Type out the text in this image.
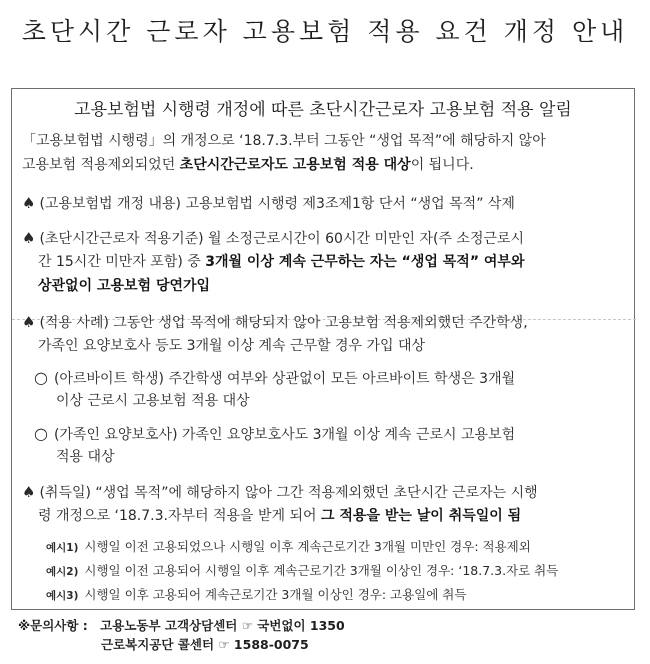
초단시간 근로자 고용보험 적용 요건 개정 안내
고용보험법 시행령 개정에 따른 초단시간근로자 고용보험 적용 알림
「고용보험법 시행령」의 개정으로 ‘18.7.3.부터 그동안 “생업 목적”에 해당하지 않아
고용보험 적용제외되었던 초단시간근로자도 고용보험 적용 대상이 됩니다.
♠ (고용보험법 개정 내용) 고용보험법 시행령 제3조제1항 단서 “생업 목적” 삭제
♠ (초단시간근로자 적용기준) 월 소정근로시간이 60시간 미만인 자(주 소정근로시
간 15시간 미만자 포함) 중 3개월 이상 계속 근무하는 자는 “생업 목적” 여부와
상관없이 고용보험 당연가입
♠ (적용 사례) 그동안 생업 목적에 해당되지 않아 고용보험 적용제외했던 주간학생,
가족인 요양보호사 등도 3개월 이상 계속 근무할 경우 가입 대상
○ (아르바이트 학생) 주간학생 여부와 상관없이 모든 아르바이트 학생은 3개월
이상 근로시 고용보험 적용 대상
○ (가족인 요양보호사) 가족인 요양보호사도 3개월 이상 계속 근로시 고용보험
적용 대상
♠ (취득일) “생업 목적”에 해당하지 않아 그간 적용제외했던 초단시간 근로자는 시행
령 개정으로 ‘18.7.3.자부터 적용을 받게 되어 그 적용을 받는 날이 취득일이 됨
예시1) 시행일 이전 고용되었으나 시행일 이후 계속근로기간 3개월 미만인 경우: 적용제외
예시2) 시행일 이전 고용되어 시행일 이후 계속근로기간 3개월 이상인 경우: ‘18.7.3.자로 취득
예시3) 시행일 이후 고용되어 계속근로기간 3개월 이상인 경우: 고용일에 취득
※문의사항 : 고용노동부 고객상담센터 ☞ 국번없이 1350
근로복지공단 콜센터 ☞ 1588-0075
